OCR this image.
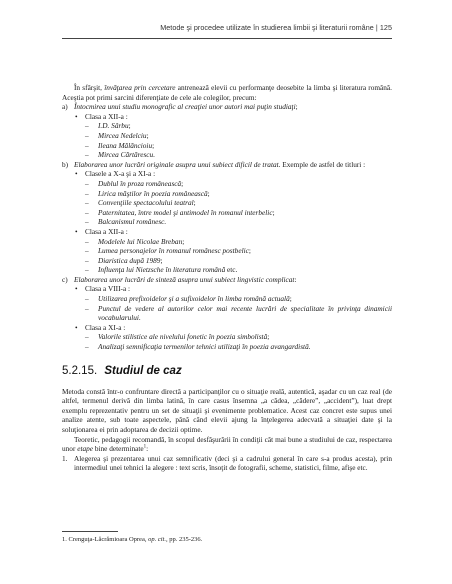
Metode şi procedee utilizate în studierea limbii şi literaturii române | 125

În sfârşit, învăţarea prin cercetare antrenează elevii cu performanţe deosebite la limba şi literatura română. Aceştia pot primi sarcini diferenţiate de cele ale colegilor, precum:

a) Întocmirea unui studiu monografic al creaţiei unor autori mai puţin studiaţi;
• Clasa a XII-a :
– I.D. Sârbu;
– Mircea Nedelciu;
– Ileana Mălăncioiu;
– Mircea Cărtărescu.
b) Elaborarea unor lucrări originale asupra unui subiect dificil de tratat. Exemple de astfel de titluri :
• Clasele a X-a şi a XI-a :
– Dublul în proza românească;
– Lirica măştilor în poezia românească;
– Convenţiile spectacolului teatral;
– Paternitatea, între model şi antimodel în romanul interbelic;
– Balcanismul românesc.
• Clasa a XII-a :
– Modelele lui Nicolae Breban;
– Lumea personajelor în romanul românesc postbelic;
– Diaristica după 1989;
– Influenţa lui Nietzsche în literatura română etc.
c) Elaborarea unor lucrări de sinteză asupra unui subiect lingvistic complicat:
• Clasa a VIII-a :
– Utilizarea prefixoidelor şi a sufixoidelor în limba română actuală;
– Punctul de vedere al autorilor celor mai recente lucrări de specialitate în privinţa dinamicii vocabularului.
• Clasa a XI-a :
– Valorile stilistice ale nivelului fonetic în poezia simbolistă;
– Analizaţi semnificaţia termenilor tehnici utilizaţi în poezia avangardistă.
5.2.15. Studiul de caz

Metoda constă într-o confruntare directă a participanţilor cu o situaţie reală, autentică, aşadar cu un caz real (de altfel, termenul derivă din limba latină, în care casus însemna „a cădea, „cădere”, „accident”), luat drept exemplu reprezentativ pentru un set de situaţii şi evenimente problematice. Acest caz concret este supus unei analize atente, sub toate aspectele, până când elevii ajung la înţelegerea adecvată a situaţiei date şi la soluţionarea ei prin adoptarea de decizii optime.

Teoretic, pedagogii recomandă, în scopul desfăşurării în condiţii cât mai bune a studiului de caz, respectarea unor etape bine determinate$^1$:

1. Alegerea şi prezentarea unui caz semnificativ (deci şi a cadrului general în care s-a produs acesta), prin intermediul unei tehnici la alegere : text scris, însoţit de fotografii, scheme, statistici, filme, afişe etc.
1. Crenguţa-Lăcrămioara Oprea, op. cit., pp. 235-236.
